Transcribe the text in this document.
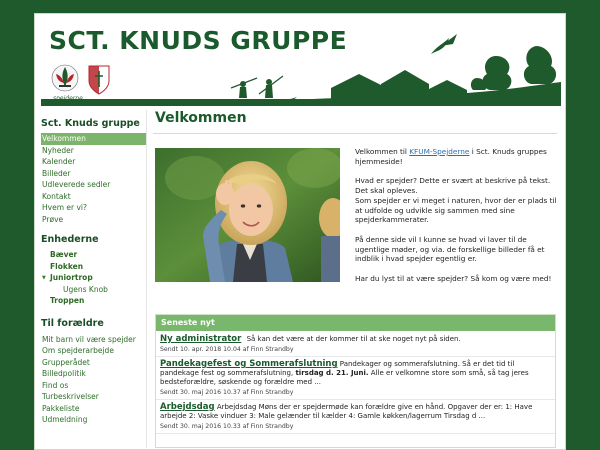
SCT. KNUDS GRUPPE
Sct. Knuds gruppe
Velkommen
Nyheder
Kalender
Billeder
Udleverede sedler
Kontakt
Hvem er vi?
Prøve
Enhederne
Bæver
Flokken
▼ Juniortrop
Ugens Knob
Troppen
Til forældre
Mit barn vil være spejder
Om spejderarbejde
Grupperådet
Billedpolitik
Find os
Turbeskrivelser
Pakkeliste
Udmeldning
Velkommen

Velkommen til KFUM-Spejderne i Sct. Knuds gruppes hjemmeside!

Hvad er spejder? Dette er svært at beskrive på tekst. Det skal opleves.
Som spejder er vi meget i naturen, hvor der er plads til at udfolde og udvikle sig sammen med sine spejderkammerater.

På denne side vil I kunne se hvad vi laver til de ugentlige møder, og via. de forskellige billeder få et indblik i hvad spejder egentlig er.

Har du lyst til at være spejder? Så kom og være med!

Seneste nyt
Ny administrator Så kan det være at der kommer til at ske noget nyt på siden.
Sendt 10. apr. 2018 10.04 af Finn Strandby
Pandekagefest og Sommerafslutning Pandekager og sommerafslutning. Så er det tid til pandekage fest og sommerafslutning, tirsdag d. 21. Juni. Alle er velkomne store som små, så tag jeres bedsteforældre, søskende og forældre med ...
Sendt 30. maj 2016 10.37 af Finn Strandby
Arbejdsdag Arbejdsdag Møns der er spejdermøde kan forældre give en hånd. Opgaver der er: 1: Have arbejde 2: Vaske vinduer 3: Male gelænder til kælder 4: Gamle køkken/lagerrum Tirsdag d ...
Sendt 30. maj 2016 10.33 af Finn Strandby
